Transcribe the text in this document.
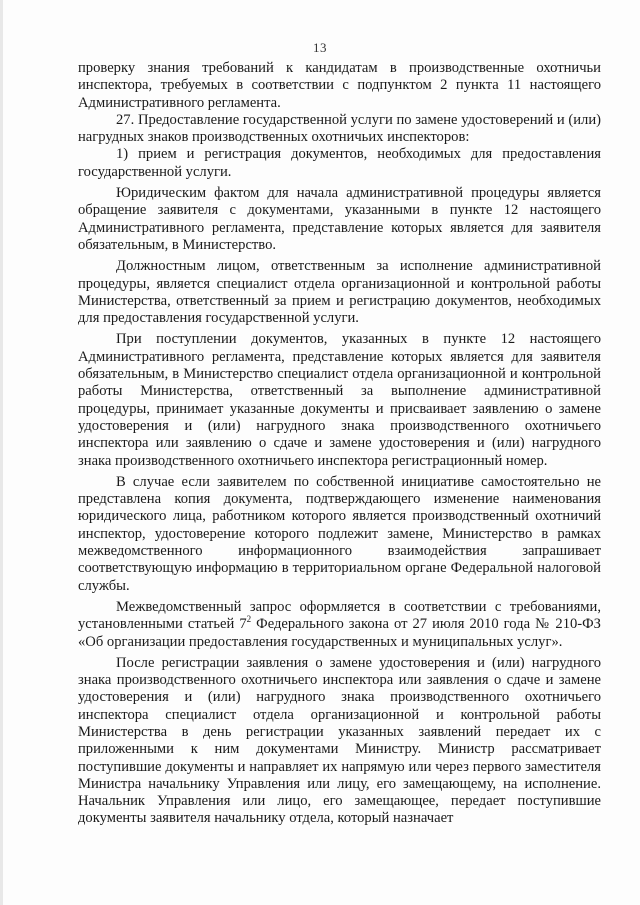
13

проверку знания требований к кандидатам в производственные охотничьи инспектора, требуемых в соответствии с подпунктом 2 пункта 11 настоящего Административного регламента.

27. Предоставление государственной услуги по замене удостоверений и (или) нагрудных знаков производственных охотничьих инспекторов:

1) прием и регистрация документов, необходимых для предоставления государственной услуги.

Юридическим фактом для начала административной процедуры является обращение заявителя с документами, указанными в пункте 12 настоящего Административного регламента, представление которых является для заявителя обязательным, в Министерство.

Должностным лицом, ответственным за исполнение административной процедуры, является специалист отдела организационной и контрольной работы Министерства, ответственный за прием и регистрацию документов, необходимых для предоставления государственной услуги.

При поступлении документов, указанных в пункте 12 настоящего Административного регламента, представление которых является для заявителя обязательным, в Министерство специалист отдела организационной и контрольной работы Министерства, ответственный за выполнение административной процедуры, принимает указанные документы и присваивает заявлению о замене удостоверения и (или) нагрудного знака производственного охотничьего инспектора или заявлению о сдаче и замене удостоверения и (или) нагрудного знака производственного охотничьего инспектора регистрационный номер.

В случае если заявителем по собственной инициативе самостоятельно не представлена копия документа, подтверждающего изменение наименования юридического лица, работником которого является производственный охотничий инспектор, удостоверение которого подлежит замене, Министерство в рамках межведомственного информационного взаимодействия запрашивает соответствующую информацию в территориальном органе Федеральной налоговой службы.

Межведомственный запрос оформляется в соответствии с требованиями, установленными статьей $7^2$ Федерального закона от 27 июля 2010 года № 210-ФЗ «Об организации предоставления государственных и муниципальных услуг».

После регистрации заявления о замене удостоверения и (или) нагрудного знака производственного охотничьего инспектора или заявления о сдаче и замене удостоверения и (или) нагрудного знака производственного охотничьего инспектора специалист отдела организационной и контрольной работы Министерства в день регистрации указанных заявлений передает их с приложенными к ним документами Министру. Министр рассматривает поступившие документы и направляет их напрямую или через первого заместителя Министра начальнику Управления или лицу, его замещающему, на исполнение. Начальник Управления или лицо, его замещающее, передает поступившие документы заявителя начальнику отдела, который назначает
